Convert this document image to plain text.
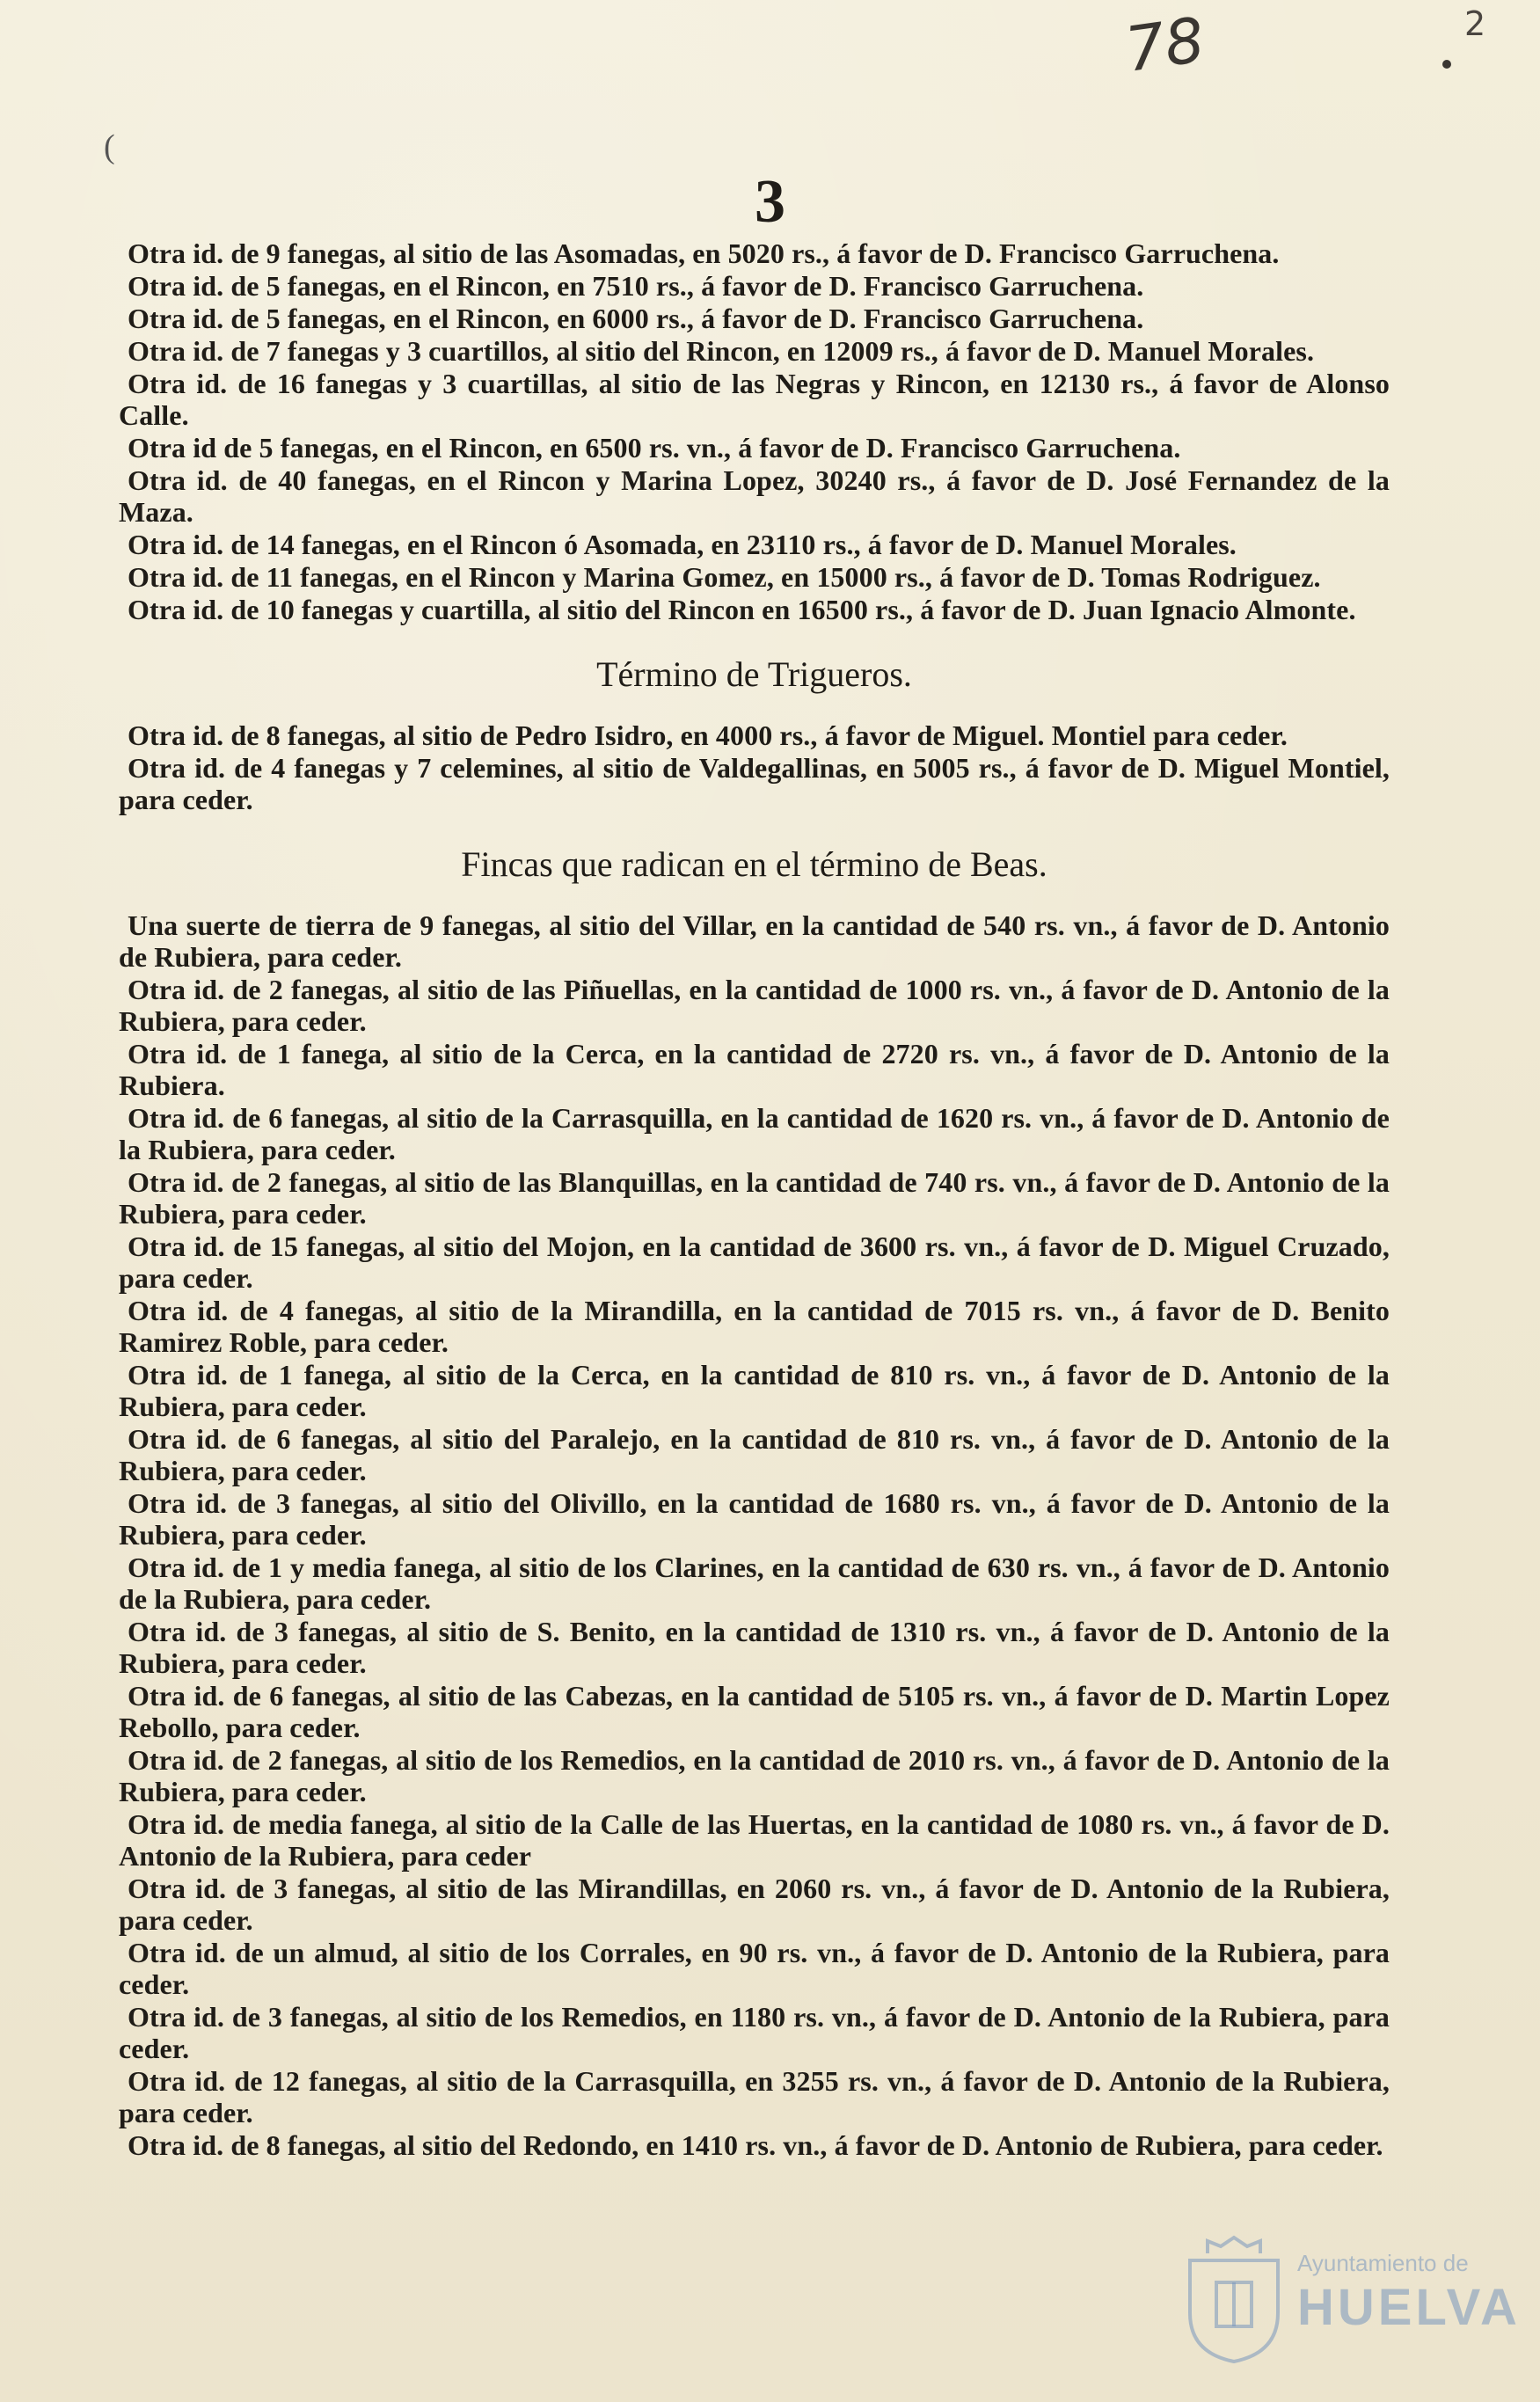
78	2
(
3

Otra id. de 9 fanegas, al sitio de las Asomadas, en 5020 rs., á favor de D. Francisco Garruchena.

Otra id. de 5 fanegas, en el Rincon, en 7510 rs., á favor de D. Francisco Garruchena.

Otra id. de 5 fanegas, en el Rincon, en 6000 rs., á favor de D. Francisco Garruchena.

Otra id. de 7 fanegas y 3 cuartillos, al sitio del Rincon, en 12009 rs., á favor de D. Manuel Morales.

Otra id. de 16 fanegas y 3 cuartillas, al sitio de las Negras y Rincon, en 12130 rs., á favor de Alonso Calle.

Otra id de 5 fanegas, en el Rincon, en 6500 rs. vn., á favor de D. Francisco Garruchena.

Otra id. de 40 fanegas, en el Rincon y Marina Lopez, 30240 rs., á favor de D. José Fernandez de la Maza.

Otra id. de 14 fanegas, en el Rincon ó Asomada, en 23110 rs., á favor de D. Manuel Morales.

Otra id. de 11 fanegas, en el Rincon y Marina Gomez, en 15000 rs., á favor de D. Tomas Rodriguez.

Otra id. de 10 fanegas y cuartilla, al sitio del Rincon en 16500 rs., á favor de D. Juan Ignacio Almonte.

Término de Trigueros.

Otra id. de 8 fanegas, al sitio de Pedro Isidro, en 4000 rs., á favor de Miguel. Montiel para ceder.

Otra id. de 4 fanegas y 7 celemines, al sitio de Valdegallinas, en 5005 rs., á favor de D. Miguel Montiel, para ceder.

Fincas que radican en el término de Beas.

Una suerte de tierra de 9 fanegas, al sitio del Villar, en la cantidad de 540 rs. vn., á favor de D. Antonio de Rubiera, para ceder.

Otra id. de 2 fanegas, al sitio de las Piñuellas, en la cantidad de 1000 rs. vn., á favor de D. Antonio de la Rubiera, para ceder.

Otra id. de 1 fanega, al sitio de la Cerca, en la cantidad de 2720 rs. vn., á favor de D. Antonio de la Rubiera.

Otra id. de 6 fanegas, al sitio de la Carrasquilla, en la cantidad de 1620 rs. vn., á favor de D. Antonio de la Rubiera, para ceder.

Otra id. de 2 fanegas, al sitio de las Blanquillas, en la cantidad de 740 rs. vn., á favor de D. Antonio de la Rubiera, para ceder.

Otra id. de 15 fanegas, al sitio del Mojon, en la cantidad de 3600 rs. vn., á favor de D. Miguel Cruzado, para ceder.

Otra id. de 4 fanegas, al sitio de la Mirandilla, en la cantidad de 7015 rs. vn., á favor de D. Benito Ramirez Roble, para ceder.

Otra id. de 1 fanega, al sitio de la Cerca, en la cantidad de 810 rs. vn., á favor de D. Antonio de la Rubiera, para ceder.

Otra id. de 6 fanegas, al sitio del Paralejo, en la cantidad de 810 rs. vn., á favor de D. Antonio de la Rubiera, para ceder.

Otra id. de 3 fanegas, al sitio del Olivillo, en la cantidad de 1680 rs. vn., á favor de D. Antonio de la Rubiera, para ceder.

Otra id. de 1 y media fanega, al sitio de los Clarines, en la cantidad de 630 rs. vn., á favor de D. Antonio de la Rubiera, para ceder.

Otra id. de 3 fanegas, al sitio de S. Benito, en la cantidad de 1310 rs. vn., á favor de D. Antonio de la Rubiera, para ceder.

Otra id. de 6 fanegas, al sitio de las Cabezas, en la cantidad de 5105 rs. vn., á favor de D. Martin Lopez Rebollo, para ceder.

Otra id. de 2 fanegas, al sitio de los Remedios, en la cantidad de 2010 rs. vn., á favor de D. Antonio de la Rubiera, para ceder.

Otra id. de media fanega, al sitio de la Calle de las Huertas, en la cantidad de 1080 rs. vn., á favor de D. Antonio de la Rubiera, para ceder

Otra id. de 3 fanegas, al sitio de las Mirandillas, en 2060 rs. vn., á favor de D. Antonio de la Rubiera, para ceder.

Otra id. de un almud, al sitio de los Corrales, en 90 rs. vn., á favor de D. Antonio de la Rubiera, para ceder.

Otra id. de 3 fanegas, al sitio de los Remedios, en 1180 rs. vn., á favor de D. Antonio de la Rubiera, para ceder.

Otra id. de 12 fanegas, al sitio de la Carrasquilla, en 3255 rs. vn., á favor de D. Antonio de la Rubiera, para ceder.

Otra id. de 8 fanegas, al sitio del Redondo, en 1410 rs. vn., á favor de D. Antonio de Rubiera, para ceder.

Ayuntamiento de
HUELVA
